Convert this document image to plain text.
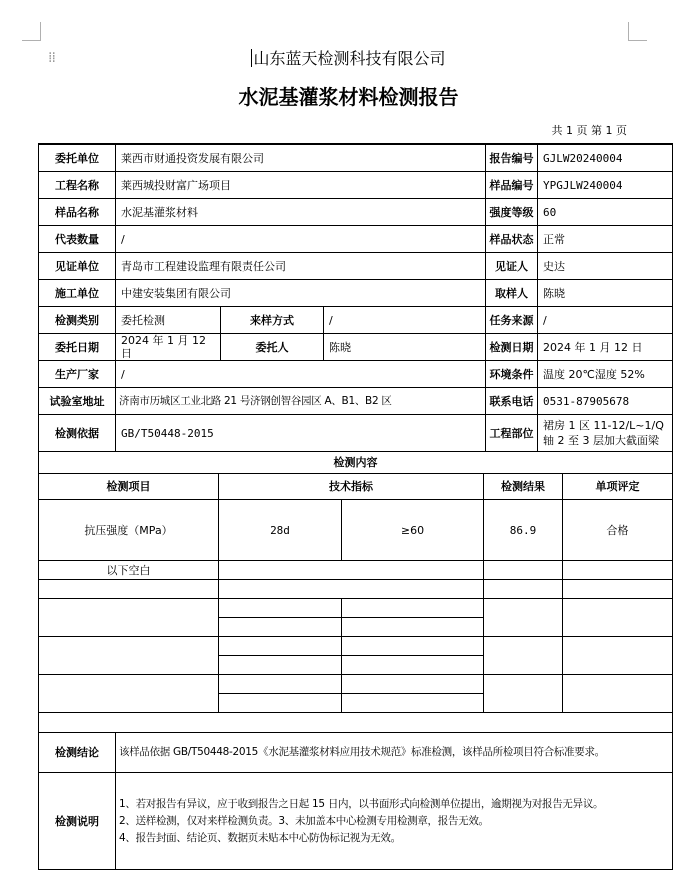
⁞⁞	山东蓝天检测科技有限公司
水泥基灌浆材料检测报告
共 1 页 第 1 页

委托单位	莱西市财通投资发展有限公司							报告编号	GJLW20240004		
工程名称	莱西城投财富广场项目							样品编号	YPGJLW240004		
样品名称	水泥基灌浆材料							强度等级	60		
代表数量	/							样品状态	正常		
见证单位	青岛市工程建设监理有限责任公司							见证人	史达		
施工单位	中建安装集团有限公司							取样人	陈晓		
检测类别	委托检测		来样方式	/				任务来源	/		
委托日期	2024 年 1 月 12 日		委托人	陈晓				检测日期	2024 年 1 月 12 日		
生产厂家	/							环境条件	温度 20℃湿度 52%		
试验室地址	济南市历城区工业北路 21 号济钢创智谷园区 A、B1、B2 区							联系电话	0531-87905678		
检测依据	GB/T50448-2015							工程部位	裙房 1 区 11-12/L~1/Q 轴 2 至 3 层加大截面梁		
检测内容											
检测项目		技术指标					检测结果			单项评定	
抗压强度（MPa）		28d			≥60		86.9			合格	
以下空白											

检测结论	该样品依据 GB/T50448-2015《水泥基灌浆材料应用技术规范》标准检测，该样品所检项目符合标准要求。										
检测说明	1、若对报告有异议，应于收到报告之日起 15 日内，以书面形式向检测单位提出，逾期视为对报告无异议。
2、送样检测，仅对来样检测负责。3、未加盖本中心检测专用检测章，报告无效。
4、报告封面、结论页、数据页未贴本中心防伪标记视为无效。										
